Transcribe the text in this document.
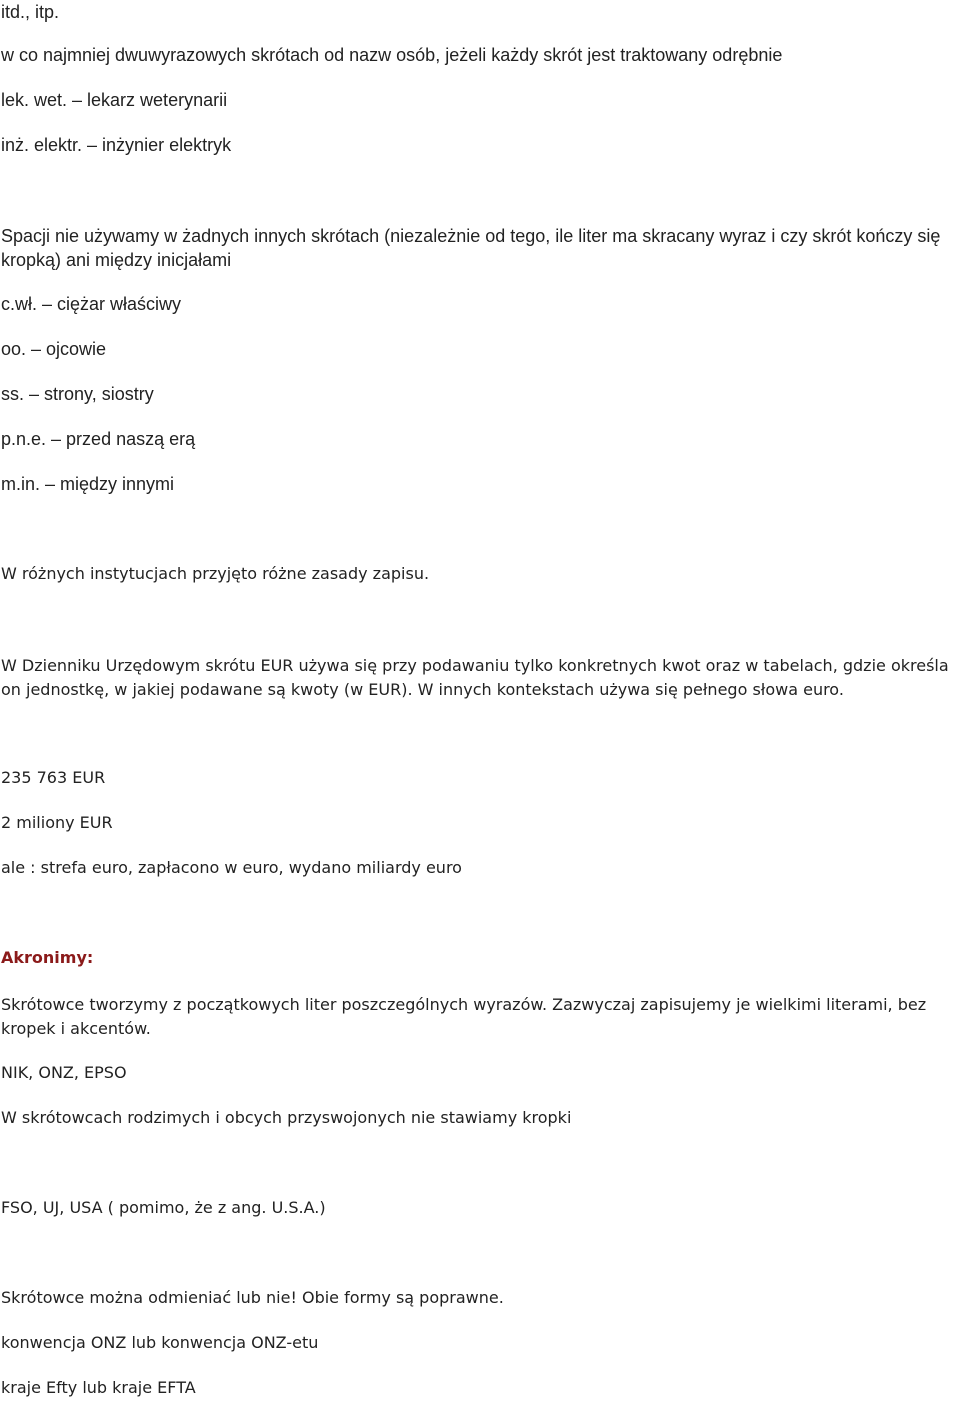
itd., itp.

w co najmniej dwuwyrazowych skrótach od nazw osób, jeżeli każdy skrót jest traktowany odrębnie

lek. wet. – lekarz weterynarii

inż. elektr. – inżynier elektryk

Spacji nie używamy w żadnych innych skrótach (niezależnie od tego, ile liter ma skracany wyraz i czy skrót kończy się kropką) ani między inicjałami

c.wł. – ciężar właściwy

oo. – ojcowie

ss. – strony, siostry

p.n.e. – przed naszą erą

m.in. – między innymi

W różnych instytucjach przyjęto różne zasady zapisu.

W Dzienniku Urzędowym skrótu EUR używa się przy podawaniu tylko konkretnych kwot oraz w tabelach, gdzie określa on jednostkę, w jakiej podawane są kwoty (w EUR). W innych kontekstach używa się pełnego słowa euro.

235 763 EUR

2 miliony EUR

ale : strefa euro, zapłacono w euro, wydano miliardy euro

Akronimy:

Skrótowce tworzymy z początkowych liter poszczególnych wyrazów. Zazwyczaj zapisujemy je wielkimi literami, bez kropek i akcentów.

NIK, ONZ, EPSO

W skrótowcach rodzimych i obcych przyswojonych nie stawiamy kropki

FSO, UJ, USA ( pomimo, że z ang. U.S.A.)

Skrótowce można odmieniać lub nie! Obie formy są poprawne.

konwencja ONZ lub konwencja ONZ-etu

kraje Efty lub kraje EFTA
